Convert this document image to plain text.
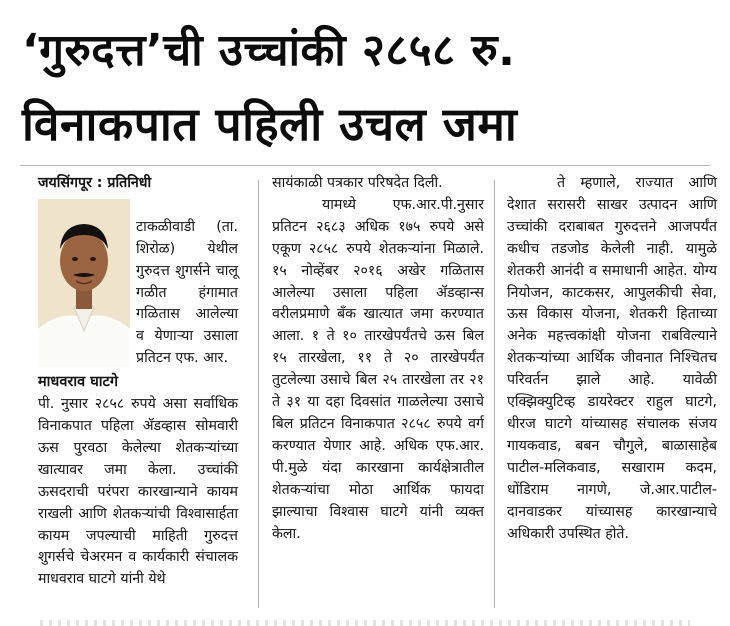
‘गुरुदत्त’ची उच्चांकी २८५८ रु.
विनाकपात पहिली उचल जमा

जयसिंगपूर : प्रतिनिधी

टाकळीवाडी (ता. शिरोळ) येथील गुरुदत्त शुगर्सने चालू गळीत हंगामात गळितास आलेल्या व येणाऱ्या उसाला प्रतिटन एफ. आर.

माधवराव घाटगे

पी. नुसार २८५८ रुपये असा सर्वाधिक विनाकपात पहिला ॲडव्हास सोमवारी ऊस पुरवठा केलेल्या शेतकऱ्यांच्या खात्यावर जमा केला. उच्चांकी ऊसदराची परंपरा कारखान्याने कायम राखली आणि शेतकऱ्यांची विश्वासार्हता कायम जपल्याची माहिती गुरुदत्त शुगर्सचे चेअरमन व कार्यकारी संचालक माधवराव घाटगे यांनी येथे

सायंकाळी पत्रकार परिषदेत दिली.

यामध्ये एफ.आर.पी.नुसार प्रतिटन २६८३ अधिक १७५ रुपये असे एकूण २८५८ रुपये शेतकऱ्यांना मिळाले. १५ नोव्हेंबर २०१६ अखेर गळितास आलेल्या उसाला पहिला ॲडव्हान्स वरीलप्रमाणे बँक खात्यात जमा करण्यात आला. १ ते १० तारखेपर्यंतचे ऊस बिल १५ तारखेला, ११ ते २० तारखेपर्यंत तुटलेल्या उसाचे बिल २५ तारखेला तर २१ ते ३१ या दहा दिवसांत गाळलेल्या उसाचे बिल प्रतिटन विनाकपात २८५८ रुपये वर्ग करण्यात येणार आहे. अधिक एफ.आर. पी.मुळे यंदा कारखाना कार्यक्षेत्रातील शेतकऱ्यांचा मोठा आर्थिक फायदा झाल्याचा विश्वास घाटगे यांनी व्यक्त केला.

ते म्हणाले, राज्यात आणि देशात सरासरी साखर उत्पादन आणि उच्चांकी दराबाबत गुरुदत्तने आजपर्यंत कधीच तडजोड केलेली नाही. यामुळे शेतकरी आनंदी व समाधानी आहेत. योग्य नियोजन, काटकसर, आपुलकीची सेवा, ऊस विकास योजना, शेतकरी हिताच्या अनेक महत्त्वकांक्षी योजना राबविल्याने शेतकऱ्यांच्या आर्थिक जीवनात निश्चितच परिवर्तन झाले आहे. यावेळी एक्झिक्युटिव्ह डायरेक्टर राहुल घाटगे, धीरज घाटगे यांच्यासह संचालक संजय गायकवाड, बबन चौगुले, बाळासाहेब पाटील-मलिकवाड, सखाराम कदम, धोंडिराम नागणे, जे.आर.पाटील-दानवाडकर यांच्यासह कारखान्याचे अधिकारी उपस्थित होते.
